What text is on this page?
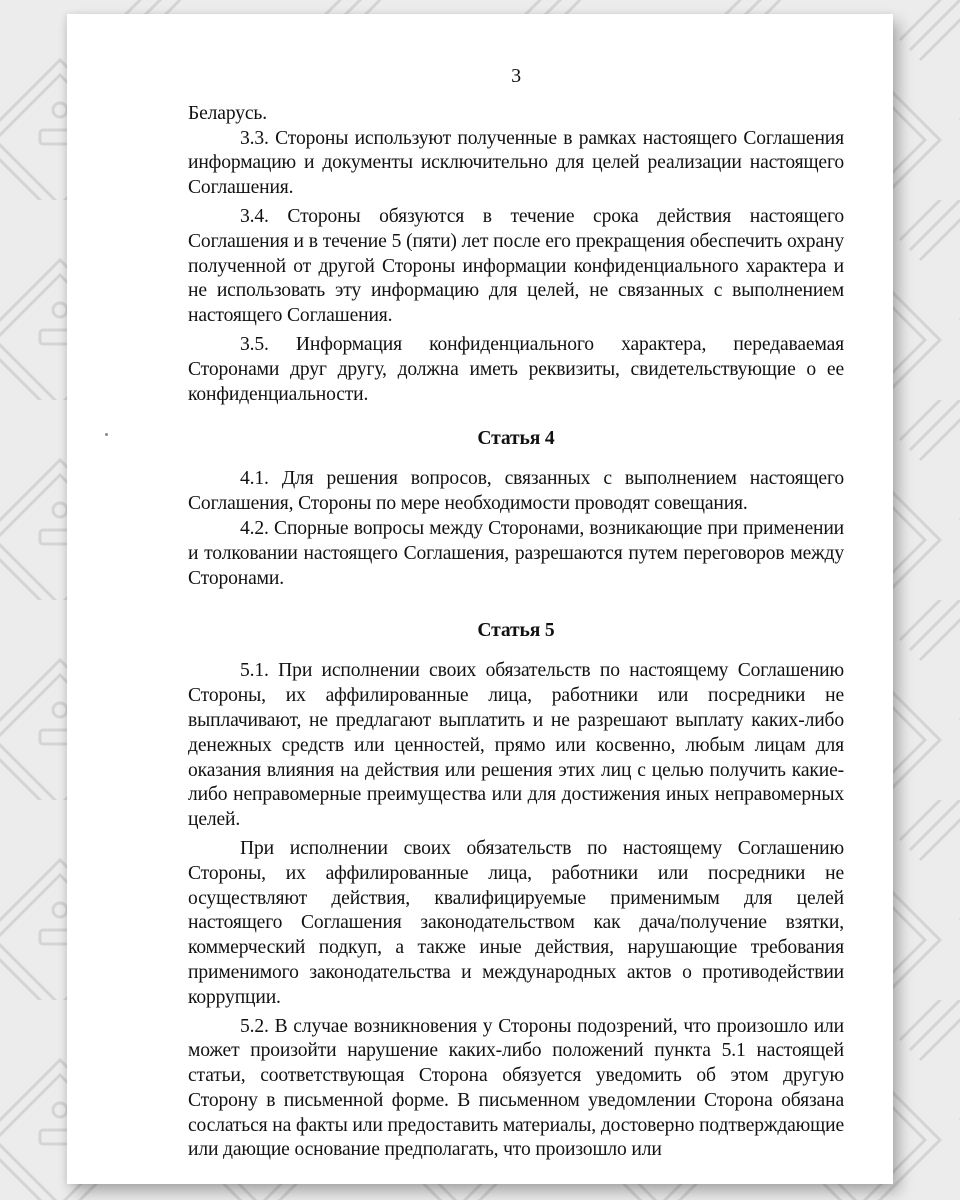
3

Беларусь.

3.3. Стороны используют полученные в рамках настоящего Соглашения информацию и документы исключительно для целей реализации настоящего Соглашения.

3.4. Стороны обязуются в течение срока действия настоящего Соглашения и в течение 5 (пяти) лет после его прекращения обеспечить охрану полученной от другой Стороны информации конфиденциального характера и не использовать эту информацию для целей, не связанных с выполнением настоящего Соглашения.

3.5. Информация конфиденциального характера, передаваемая Сторонами друг другу, должна иметь реквизиты, свидетельствующие о ее конфиденциальности.

Статья 4

4.1. Для решения вопросов, связанных с выполнением настоящего Соглашения, Стороны по мере необходимости проводят совещания.

4.2. Спорные вопросы между Сторонами, возникающие при применении и толковании настоящего Соглашения, разрешаются путем переговоров между Сторонами.

Статья 5

5.1. При исполнении своих обязательств по настоящему Соглашению Стороны, их аффилированные лица, работники или посредники не выплачивают, не предлагают выплатить и не разрешают выплату каких-либо денежных средств или ценностей, прямо или косвенно, любым лицам для оказания влияния на действия или решения этих лиц с целью получить какие-либо неправомерные преимущества или для достижения иных неправомерных целей.

При исполнении своих обязательств по настоящему Соглашению Стороны, их аффилированные лица, работники или посредники не осуществляют действия, квалифицируемые применимым для целей настоящего Соглашения законодательством как дача/получение взятки, коммерческий подкуп, а также иные действия, нарушающие требования применимого законодательства и международных актов о противодействии коррупции.

5.2. В случае возникновения у Стороны подозрений, что произошло или может произойти нарушение каких-либо положений пункта 5.1 настоящей статьи, соответствующая Сторона обязуется уведомить об этом другую Сторону в письменной форме. В письменном уведомлении Сторона обязана сослаться на факты или предоставить материалы, достоверно подтверждающие или дающие основание предполагать, что произошло или
